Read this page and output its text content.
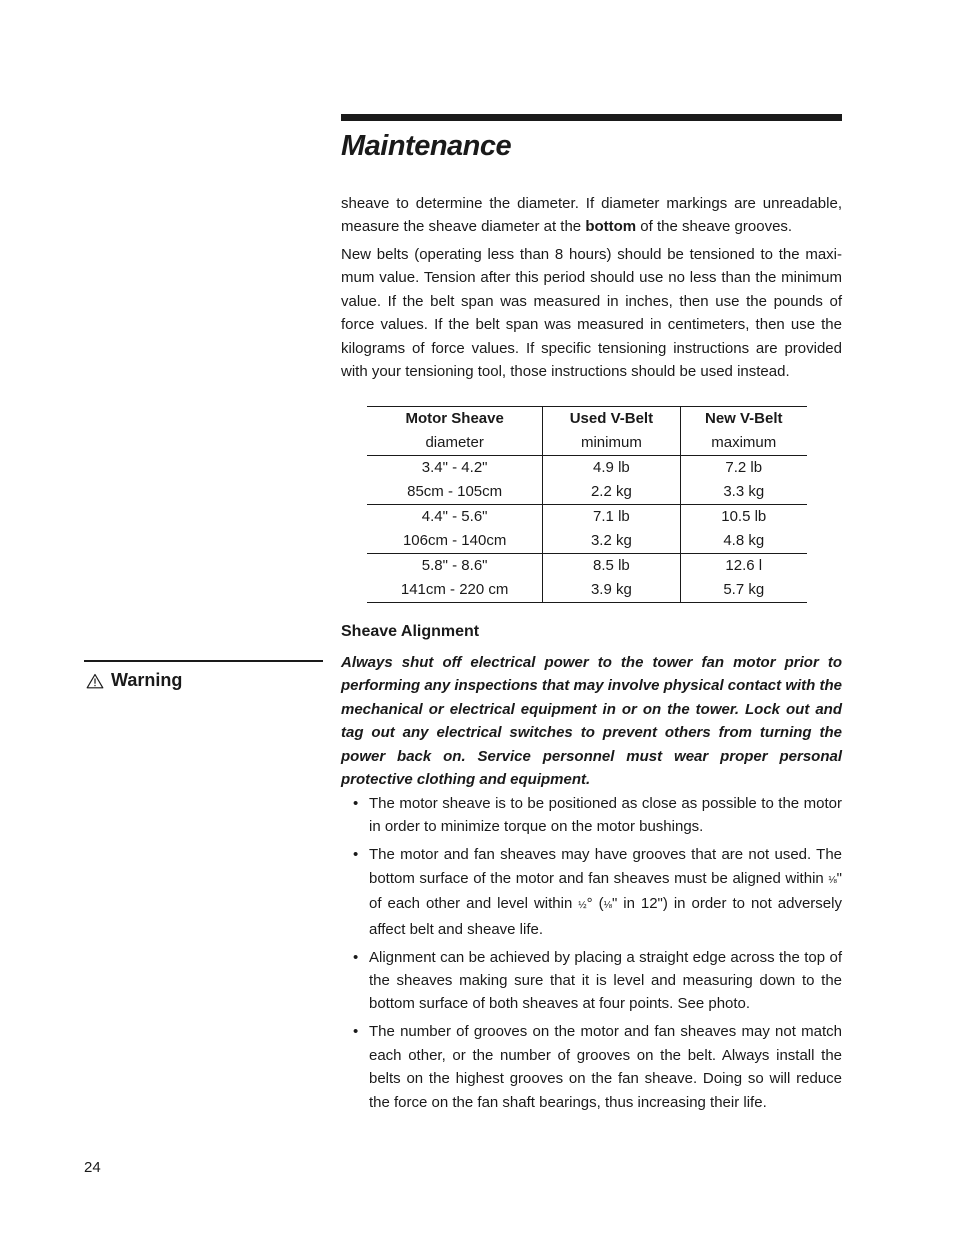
Maintenance

sheave to determine the diameter. If diameter markings are unreadable, measure the sheave diameter at the bottom of the sheave grooves.

New belts (operating less than 8 hours) should be tensioned to the maxi-mum value. Tension after this period should use no less than the minimum value. If the belt span was measured in inches, then use the pounds of force values. If the belt span was measured in centimeters, then use the kilograms of force values. If specific tensioning instructions are provided with your tensioning tool, those instructions should be used instead.

Motor Sheave	Used V-Belt	New V-Belt
diameter	minimum	maximum
3.4" - 4.2"	4.9 lb	7.2 lb
85cm - 105cm	2.2 kg	3.3 kg
4.4" - 5.6"	7.1 lb	10.5 lb
106cm - 140cm	3.2 kg	4.8 kg
5.8" - 8.6"	8.5 lb	12.6 l
141cm - 220 cm	3.9 kg	5.7 kg
Sheave Alignment
Warning

Always shut off electrical power to the tower fan motor prior to performing any inspections that may involve physical contact with the mechanical or electrical equipment in or on the tower. Lock out and tag out any electrical switches to prevent others from turning the power back on. Service personnel must wear proper personal protective clothing and equipment.

• The motor sheave is to be positioned as close as possible to the motor in order to minimize torque on the motor bushings.
• The motor and fan sheaves may have grooves that are not used. The bottom surface of the motor and fan sheaves must be aligned within ⅛" of each other and level within ½° (⅛" in 12") in order to not adversely affect belt and sheave life.
• Alignment can be achieved by placing a straight edge across the top of the sheaves making sure that it is level and measuring down to the bottom surface of both sheaves at four points. See photo.
• The number of grooves on the motor and fan sheaves may not match each other, or the number of grooves on the belt. Always install the belts on the highest grooves on the fan sheave. Doing so will reduce the force on the fan shaft bearings, thus increasing their life.
24
